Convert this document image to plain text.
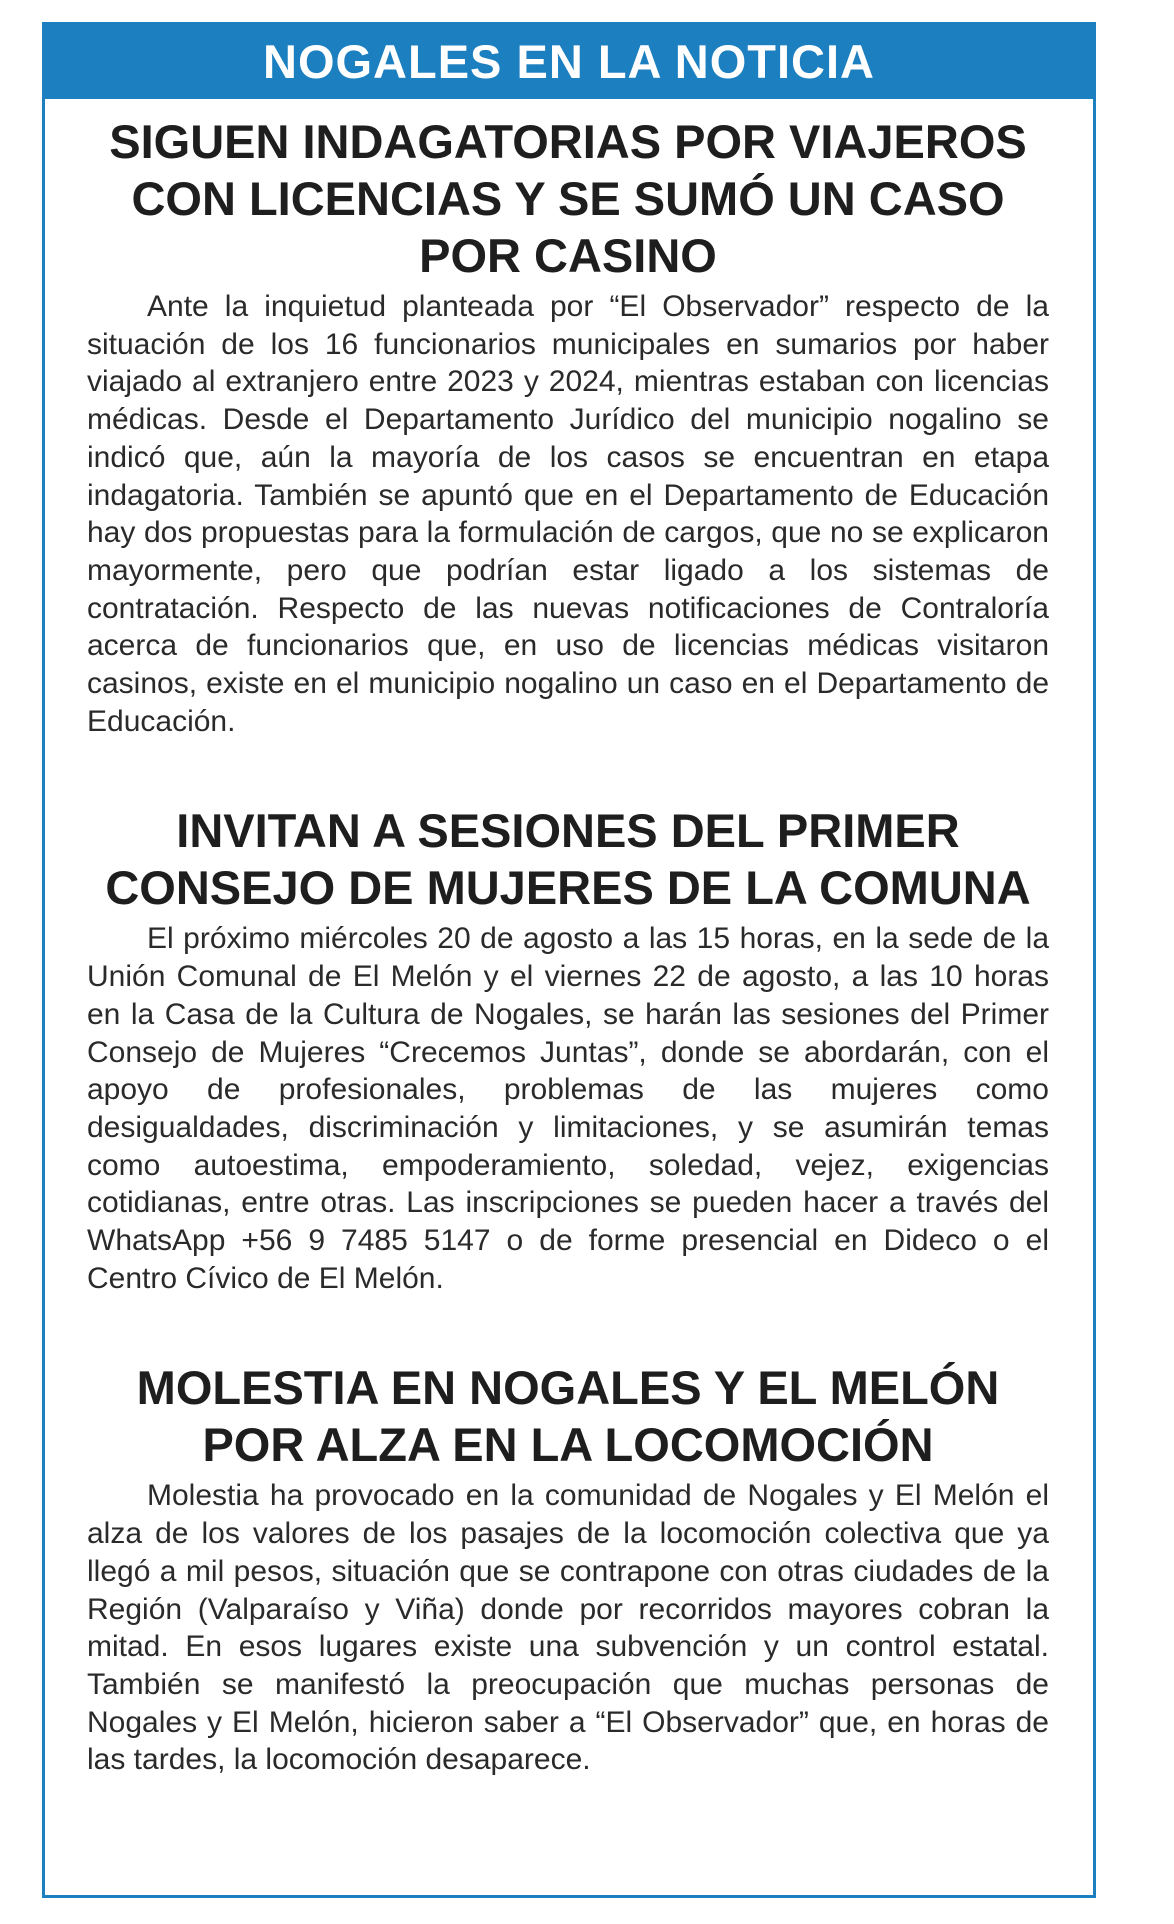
NOGALES EN LA NOTICIA
SIGUEN INDAGATORIAS POR VIAJEROS CON LICENCIAS Y SE SUMÓ UN CASO POR CASINO

Ante la inquietud planteada por “El Observador” respecto de la situación de los 16 funcionarios municipales en sumarios por haber viajado al extranjero entre 2023 y 2024, mientras estaban con licencias médicas. Desde el Departamento Jurídico del municipio nogalino se indicó que, aún la mayoría de los casos se encuentran en etapa indagatoria. También se apuntó que en el Departamento de Educación hay dos propuestas para la formulación de cargos, que no se explicaron mayormente, pero que podrían estar ligado a los sistemas de contratación. Respecto de las nuevas notificaciones de Contraloría acerca de funcionarios que, en uso de licencias médicas visitaron casinos, existe en el municipio nogalino un caso en el Departamento de Educación.

INVITAN A SESIONES DEL PRIMER CONSEJO DE MUJERES DE LA COMUNA

El próximo miércoles 20 de agosto a las 15 horas, en la sede de la Unión Comunal de El Melón y el viernes 22 de agosto, a las 10 horas en la Casa de la Cultura de Nogales, se harán las sesiones del Primer Consejo de Mujeres “Crecemos Juntas”, donde se abordarán, con el apoyo de profesionales, problemas de las mujeres como desigualdades, discriminación y limitaciones, y se asumirán temas como autoestima, empoderamiento, soledad, vejez, exigencias cotidianas, entre otras. Las inscripciones se pueden hacer a través del WhatsApp +56 9 7485 5147 o de forme presencial en Dideco o el Centro Cívico de El Melón.

MOLESTIA EN NOGALES Y EL MELÓN POR ALZA EN LA LOCOMOCIÓN

Molestia ha provocado en la comunidad de Nogales y El Melón el alza de los valores de los pasajes de la locomoción colectiva que ya llegó a mil pesos, situación que se contrapone con otras ciudades de la Región (Valparaíso y Viña) donde por recorridos mayores cobran la mitad. En esos lugares existe una subvención y un control estatal. También se manifestó la preocupación que muchas personas de Nogales y El Melón, hicieron saber a “El Observador” que, en horas de las tardes, la locomoción desaparece.
